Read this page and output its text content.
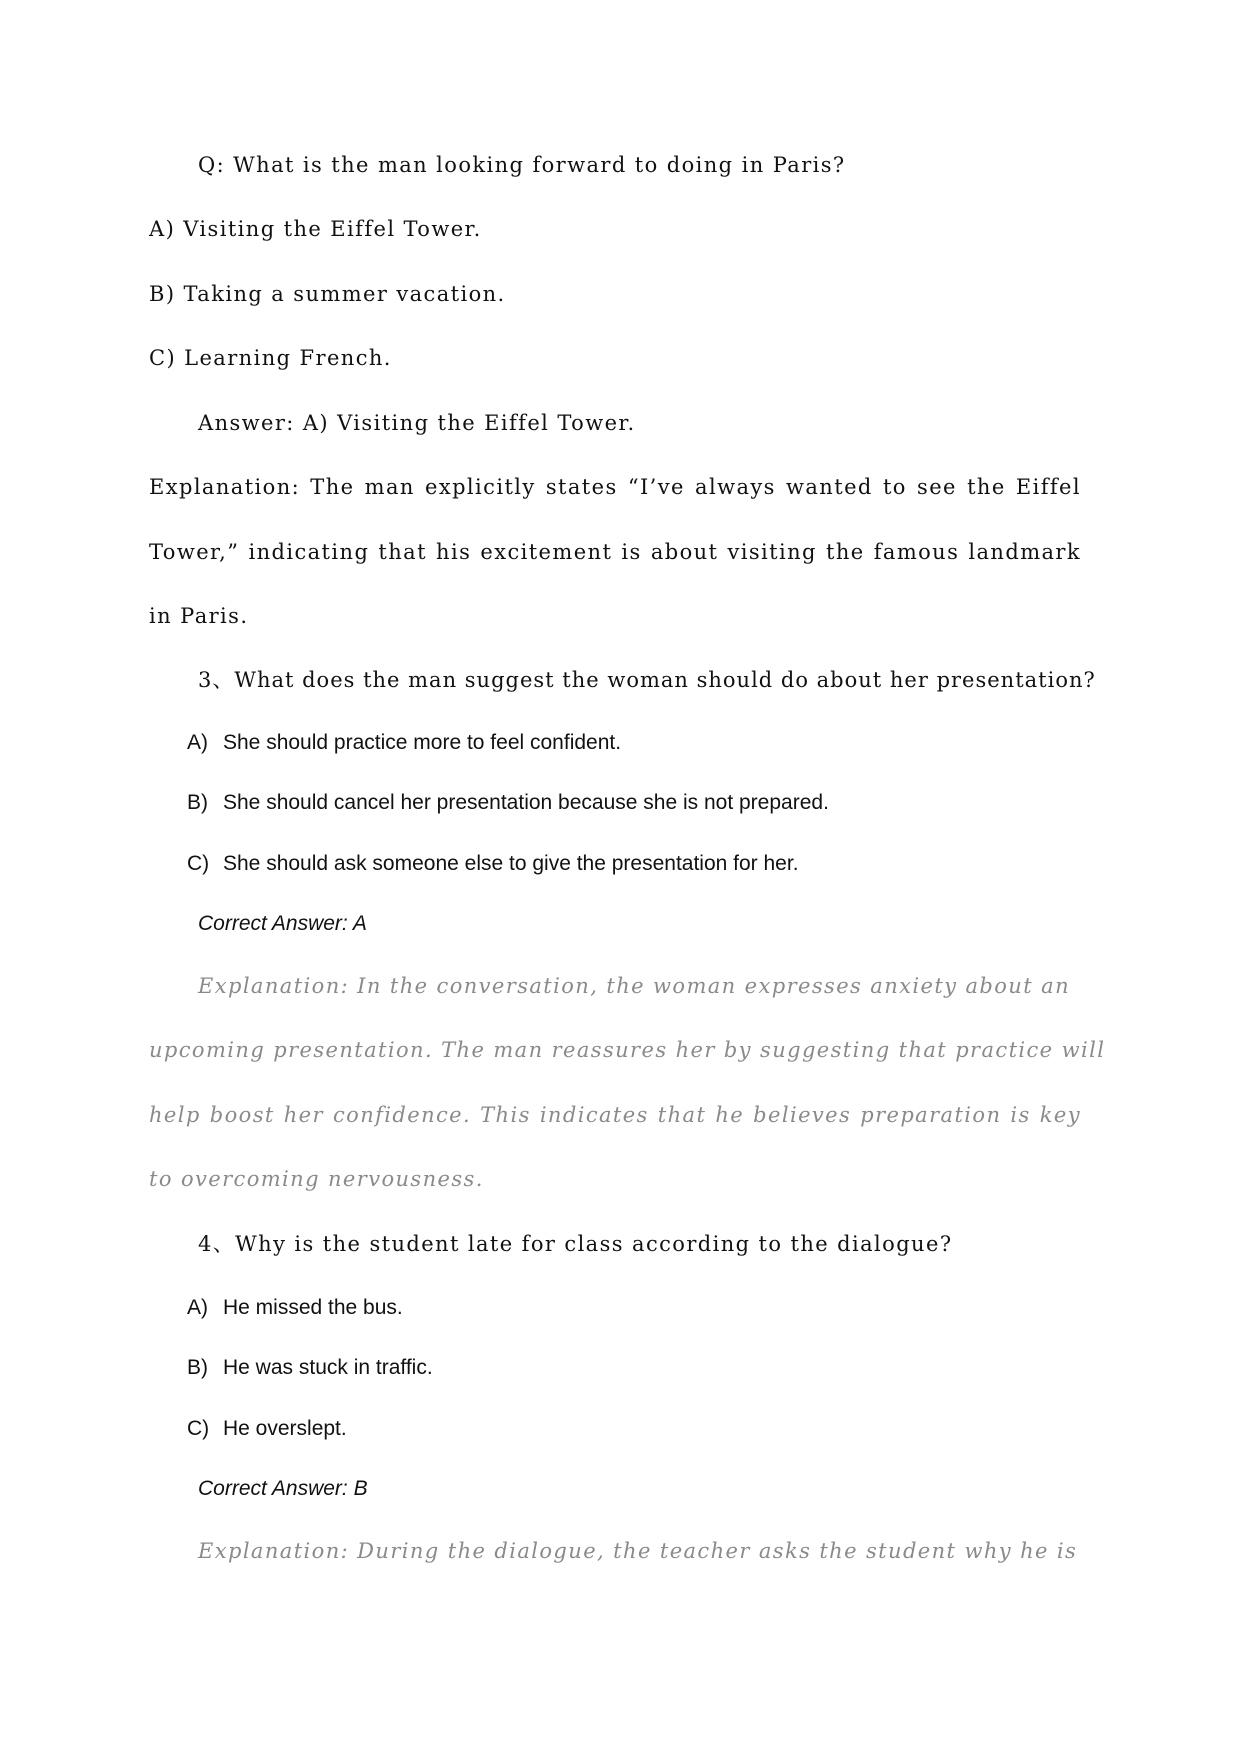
Q: What is the man looking forward to doing in Paris?
A) Visiting the Eiffel Tower.
B) Taking a summer vacation.
C) Learning French.
Answer: A) Visiting the Eiffel Tower.
Explanation: The man explicitly states “I’ve always wanted to see the Eiffel
Tower,” indicating that his excitement is about visiting the famous landmark
in Paris.
3、What does the man suggest the woman should do about her presentation?
A) She should practice more to feel confident.
B) She should cancel her presentation because she is not prepared.
C) She should ask someone else to give the presentation for her.
Correct Answer: A
Explanation: In the conversation, the woman expresses anxiety about an
upcoming presentation. The man reassures her by suggesting that practice will
help boost her confidence. This indicates that he believes preparation is key
to overcoming nervousness.
4、Why is the student late for class according to the dialogue?
A) He missed the bus.
B) He was stuck in traffic.
C) He overslept.
Correct Answer: B
Explanation: During the dialogue, the teacher asks the student why he is
